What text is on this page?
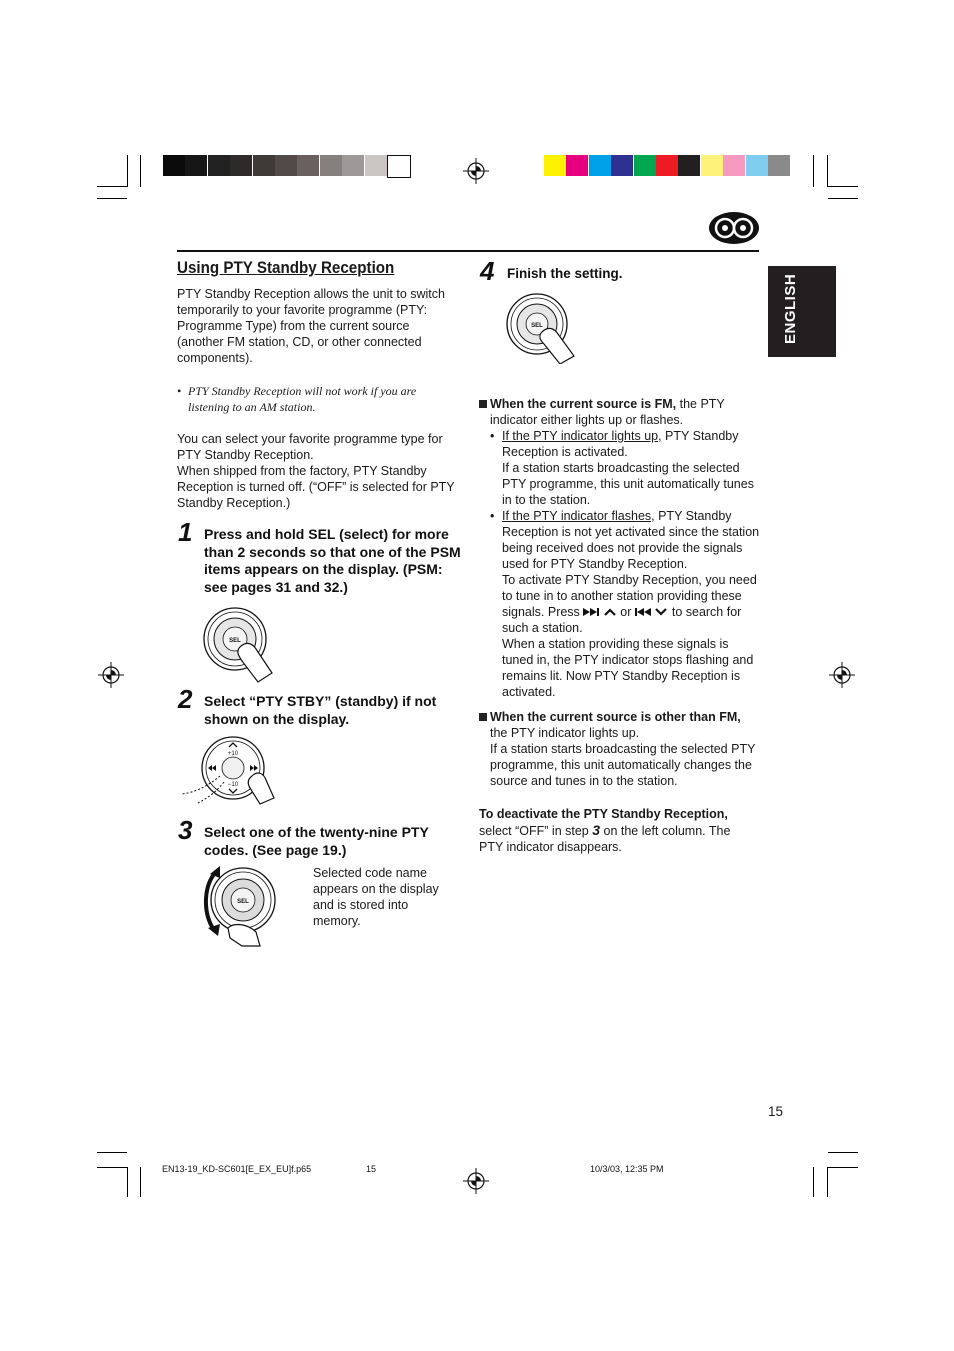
ENGLISH
Using PTY Standby Reception
PTY Standby Reception allows the unit to switch temporarily to your favorite programme (PTY: Programme Type) from the current source (another FM station, CD, or other connected components).
• PTY Standby Reception will not work if you are listening to an AM station.
You can select your favorite programme type for PTY Standby Reception.
When shipped from the factory, PTY Standby Reception is turned off. (“OFF” is selected for PTY Standby Reception.)
1 Press and hold SEL (select) for more than 2 seconds so that one of the PSM items appears on the display. (PSM: see pages 31 and 32.)
SEL
2 Select “PTY STBY” (standby) if not shown on the display.
+10
−10
3 Select one of the twenty-nine PTY codes. (See page 19.)
SEL
Selected code name appears on the display and is stored into memory.
4 Finish the setting.
SEL
When the current source is FM, the PTY indicator either lights up or flashes.
• If the PTY indicator lights up, PTY Standby Reception is activated.
If a station starts broadcasting the selected PTY programme, this unit automatically tunes in to the station.
• If the PTY indicator flashes, PTY Standby Reception is not yet activated since the station being received does not provide the signals used for PTY Standby Reception.
To activate PTY Standby Reception, you need to tune in to another station providing these signals. Press	or	to search for such a station.
When a station providing these signals is tuned in, the PTY indicator stops flashing and remains lit. Now PTY Standby Reception is activated.
When the current source is other than FM,
the PTY indicator lights up.
If a station starts broadcasting the selected PTY programme, this unit automatically changes the source and tunes in to the station.
To deactivate the PTY Standby Reception,
select “OFF” in step 3 on the left column. The PTY indicator disappears.
15
EN13-19_KD-SC601[E_EX_EU]f.p65	15	10/3/03, 12:35 PM
